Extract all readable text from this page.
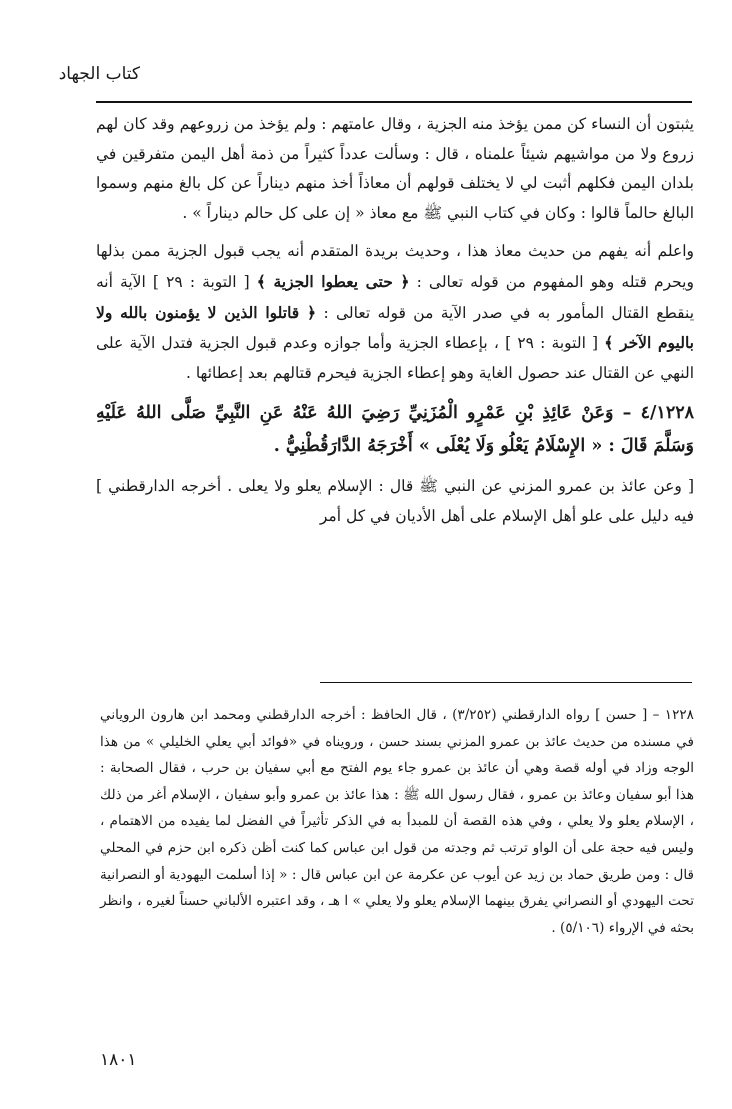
كتاب الجهاد

يثبتون أن النساء كن ممن يؤخذ منه الجزية ، وقال عامتهم : ولم يؤخذ من زروعهم وقد كان لهم زروع ولا من مواشيهم شيئاً علمناه ، قال : وسألت عدداً كثيراً من ذمة أهل اليمن متفرقين في بلدان اليمن فكلهم أثبت لي لا يختلف قولهم أن معاذاً أخذ منهم ديناراً عن كل بالغ منهم وسموا البالغ حالماً قالوا : وكان في كتاب النبي ﷺ مع معاذ « إن على كل حالم ديناراً » .

واعلم أنه يفهم من حديث معاذ هذا ، وحديث بريدة المتقدم أنه يجب قبول الجزية ممن بذلها ويحرم قتله وهو المفهوم من قوله تعالى : ﴿ حتى يعطوا الجزية ﴾ [ التوبة : ٢٩ ] الآية أنه ينقطع القتال المأمور به في صدر الآية من قوله تعالى : ﴿ قاتلوا الذين لا يؤمنون بالله ولا باليوم الآخر ﴾ [ التوبة : ٢٩ ] ، بإعطاء الجزية وأما جوازه وعدم قبول الجزية فتدل الآية على النهي عن القتال عند حصول الغاية وهو إعطاء الجزية فيحرم قتالهم بعد إعطائها .

٤/١٢٢٨ – وَعَنْ عَائِذِ بْنِ عَمْرٍو الْمُزَنِيِّ رَضِيَ اللهُ عَنْهُ عَنِ النَّبِيِّ صَلَّى اللهُ عَلَيْهِ وَسَلَّمَ قَالَ : « الإِسْلَامُ يَعْلُو وَلَا يُعْلَى » أَخْرَجَهُ الدَّارَقُطْنِيُّ .

[ وعن عائذ بن عمرو المزني عن النبي ﷺ قال : الإسلام يعلو ولا يعلى . أخرجه الدارقطني ] فيه دليل على علو أهل الإسلام على أهل الأديان في كل أمر

١٢٢٨ – [ حسن ] رواه الدارقطني (٣/٢٥٢) ، قال الحافظ : أخرجه الدارقطني ومحمد ابن هارون الروياني في مسنده من حديث عائذ بن عمرو المزني بسند حسن ، ورويناه في «فوائد أبي يعلي الخليلي » من هذا الوجه وزاد في أوله قصة وهي أن عائذ بن عمرو جاء يوم الفتح مع أبي سفيان بن حرب ، فقال الصحابة : هذا أبو سفيان وعائذ بن عمرو ، فقال رسول الله ﷺ : هذا عائذ بن عمرو وأبو سفيان ، الإسلام أغر من ذلك ، الإسلام يعلو ولا يعلي ، وفي هذه القصة أن للمبدأ به في الذكر تأثيراً في الفضل لما يفيده من الاهتمام ، وليس فيه حجة على أن الواو ترتب ثم وجدته من قول ابن عباس كما كنت أظن ذكره ابن حزم في المحلي قال : ومن طريق حماد بن زيد عن أيوب عن عكرمة عن ابن عباس قال : « إذا أسلمت اليهودية أو النصرانية تحت اليهودي أو النصراني يفرق بينهما الإسلام يعلو ولا يعلي » ا هـ ، وقد اعتبره الألباني حسناً لغيره ، وانظر بحثه في الإرواء (٥/١٠٦) .

١٨٠١
